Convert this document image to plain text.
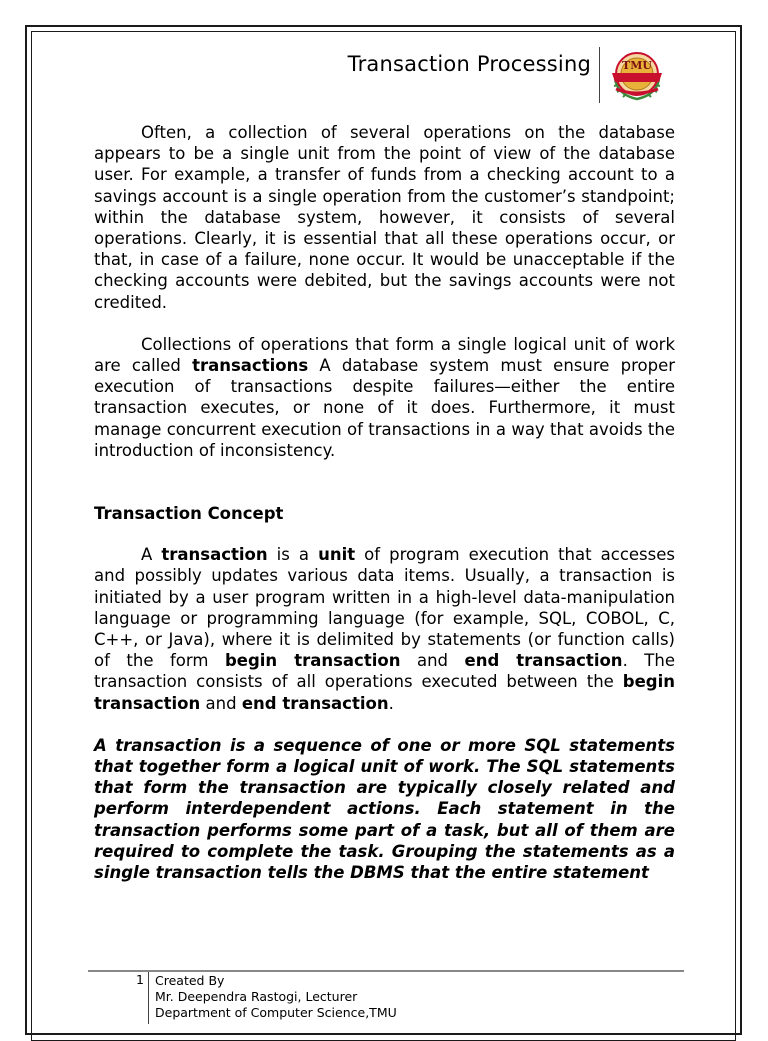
Transaction Processing	TMU

Often, a collection of several operations on the database appears to be a single unit from the point of view of the database user. For example, a transfer of funds from a checking account to a savings account is a single operation from the customer’s standpoint; within the database system, however, it consists of several operations. Clearly, it is essential that all these operations occur, or that, in case of a failure, none occur. It would be unacceptable if the checking accounts were debited, but the savings accounts were not credited.

Collections of operations that form a single logical unit of work are called transactions A database system must ensure proper execution of transactions despite failures—either the entire transaction executes, or none of it does. Furthermore, it must manage concurrent execution of transactions in a way that avoids the introduction of inconsistency.

Transaction Concept

A transaction is a unit of program execution that accesses and possibly updates various data items. Usually, a transaction is initiated by a user program written in a high-level data-manipulation language or programming language (for example, SQL, COBOL, C, C++, or Java), where it is delimited by statements (or function calls) of the form begin transaction and end transaction. The transaction consists of all operations executed between the begin transaction and end transaction.

A transaction is a sequence of one or more SQL statements that together form a logical unit of work. The SQL statements that form the transaction are typically closely related and perform interdependent actions. Each statement in the transaction performs some part of a task, but all of them are required to complete the task. Grouping the statements as a single transaction tells the DBMS that the entire statement

1 Created By
Mr. Deependra Rastogi, Lecturer
Department of Computer Science,TMU
